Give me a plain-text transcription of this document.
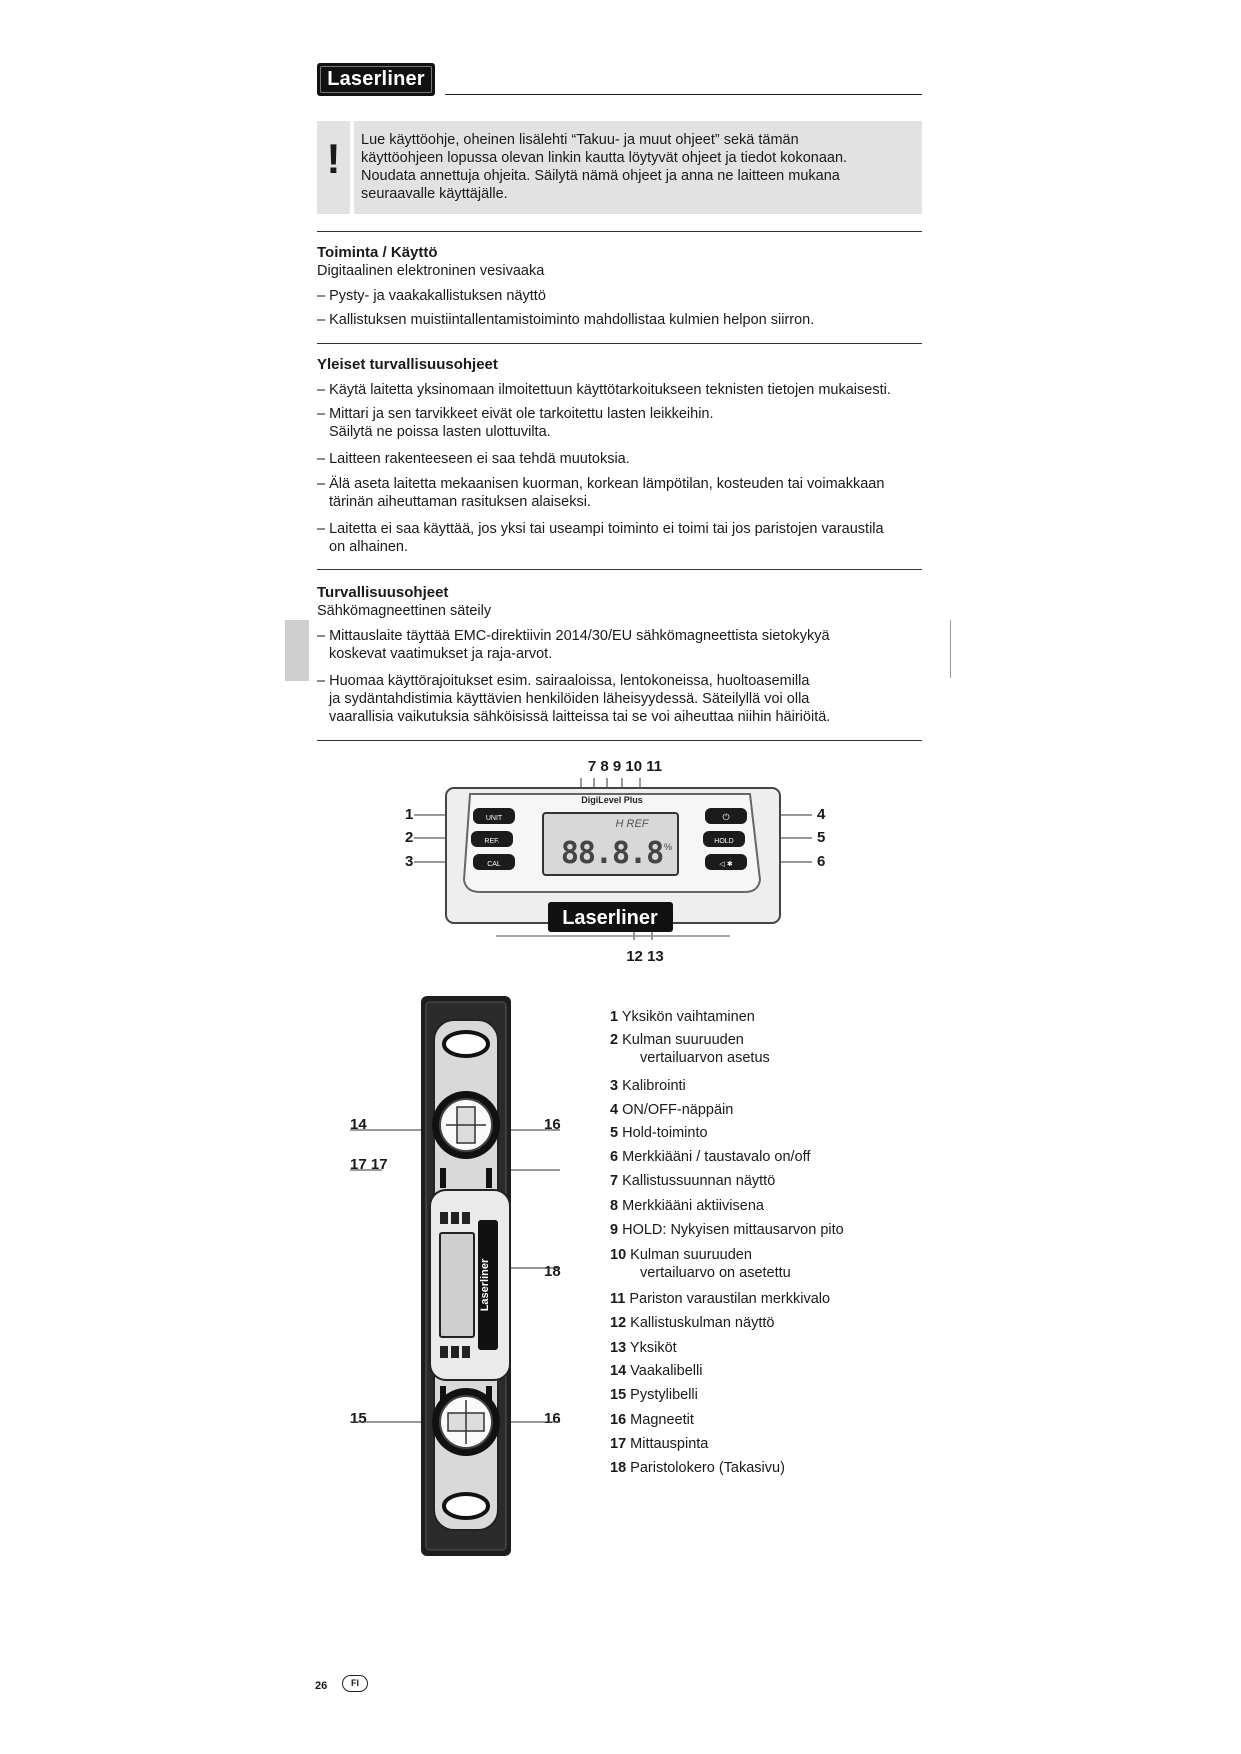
Laserliner
!	Lue käyttöohje, oheinen lisälehti “Takuu- ja muut ohjeet” sekä tämän
käyttöohjeen lopussa olevan linkin kautta löytyvät ohjeet ja tiedot kokonaan.
Noudata annettuja ohjeita. Säilytä nämä ohjeet ja anna ne laitteen mukana
seuraavalle käyttäjälle.
Toiminta / Käyttö
Digitaalinen elektroninen vesivaaka
– Pysty- ja vaakakallistuksen näyttö
– Kallistuksen muistiintallentamistoiminto mahdollistaa kulmien helpon siirron.
Yleiset turvallisuusohjeet
– Käytä laitetta yksinomaan ilmoitettuun käyttötarkoitukseen teknisten tietojen mukaisesti.
– Mittari ja sen tarvikkeet eivät ole tarkoitettu lasten leikkeihin.
Säilytä ne poissa lasten ulottuvilta.
– Laitteen rakenteeseen ei saa tehdä muutoksia.
– Älä aseta laitetta mekaanisen kuorman, korkean lämpötilan, kosteuden tai voimakkaan
tärinän aiheuttaman rasituksen alaiseksi.
– Laitetta ei saa käyttää, jos yksi tai useampi toiminto ei toimi tai jos paristojen varaustila
on alhainen.
Turvallisuusohjeet
Sähkömagneettinen säteily
– Mittauslaite täyttää EMC-direktiivin 2014/30/EU sähkömagneettista sietokykyä
koskevat vaatimukset ja raja-arvot.
– Huomaa käyttörajoitukset esim. sairaaloissa, lentokoneissa, huoltoasemilla
ja sydäntahdistimia käyttävien henkilöiden läheisyydessä. Säteilyllä voi olla
vaarallisia vaikutuksia sähköisissä laitteissa tai se voi aiheuttaa niihin häiriöitä.
7 8 9 10 11
1
2
3
4
5
6
12 13
DigiLevel Plus
UNIT
REF.
CAL
⏻
HOLD
◁ ✱
H REF
88.8.8 %
Laserliner
14	16
17 17
18
15	16
Laserliner
1 Yksikön vaihtaminen
2 Kulman suuruuden
vertailuarvon asetus
3 Kalibrointi
4 ON/OFF-näppäin
5 Hold-toiminto
6 Merkkiääni / taustavalo on/off
7 Kallistussuunnan näyttö
8 Merkkiääni aktiivisena
9 HOLD: Nykyisen mittausarvon pito
10 Kulman suuruuden
vertailuarvo on asetettu
11 Pariston varaustilan merkkivalo
12 Kallistuskulman näyttö
13 Yksiköt
14 Vaakalibelli
15 Pystylibelli
16 Magneetit
17 Mittauspinta
18 Paristolokero (Takasivu)
26	FI
